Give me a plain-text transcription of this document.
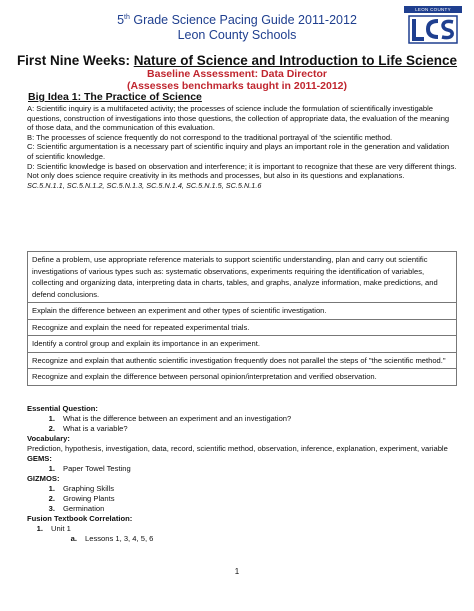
5th Grade Science Pacing Guide 2011-2012
Leon County Schools
LEON COUNTY
First Nine Weeks: Nature of Science and Introduction to Life Science
Baseline Assessment: Data Director
(Assesses benchmarks taught in 2011-2012)
Big Idea 1: The Practice of Science

A: Scientific inquiry is a multifaceted activity; the processes of science include the formulation of scientifically investigable questions, construction of investigations into those questions, the collection of appropriate data, the evaluation of the meaning of those data, and the communication of this evaluation.

B: The processes of science frequently do not correspond to the traditional portrayal of 'the scientific method.

C: Scientific argumentation is a necessary part of scientific inquiry and plays an important role in the generation and validation of scientific knowledge.

D: Scientific knowledge is based on observation and interference; it is important to recognize that these are very different things. Not only does science require creativity in its methods and processes, but also in its questions and explanations.

SC.5.N.1.1, SC.5.N.1.2, SC.5.N.1.3, SC.5.N.1.4, SC.5.N.1.5, SC.5.N.1.6

Define a problem, use appropriate reference materials to support scientific understanding, plan and carry out scientific investigations of various types such as: systematic observations, experiments requiring the identification of variables, collecting and organizing data, interpreting data in charts, tables, and graphs, analyze information, make predictions, and defend conclusions.
Explain the difference between an experiment and other types of scientific investigation.
Recognize and explain the need for repeated experimental trials.
Identify a control group and explain its importance in an experiment.
Recognize and explain that authentic scientific investigation frequently does not parallel the steps of "the scientific method."
Recognize and explain the difference between personal opinion/interpretation and verified observation.
Essential Question:
1. What is the difference between an experiment and an investigation?
2. What is a variable?
Vocabulary:
Prediction, hypothesis, investigation, data, record, scientific method, observation, inference, explanation, experiment, variable
GEMS:
1. Paper Towel Testing
GIZMOS:
1. Graphing Skills
2. Growing Plants
3. Germination
Fusion Textbook Correlation:
1. Unit 1
a. Lessons 1, 3, 4, 5, 6
1
